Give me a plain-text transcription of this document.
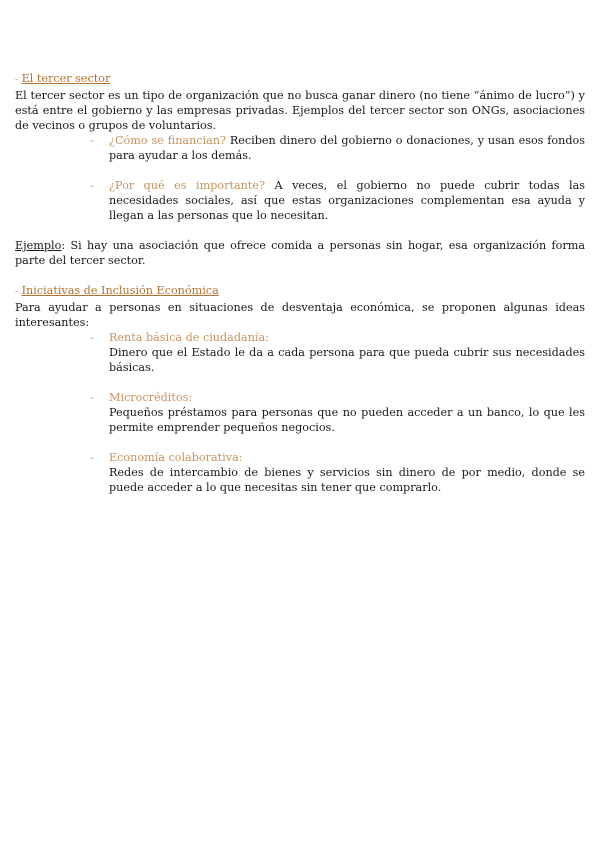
- El tercer sector

El tercer sector es un tipo de organización que no busca ganar dinero (no tiene “ánimo de lucro”) y está entre el gobierno y las empresas privadas. Ejemplos del tercer sector son ONGs, asociaciones de vecinos o grupos de voluntarios.

- ¿Cómo se financian? Reciben dinero del gobierno o donaciones, y usan esos fondos para ayudar a los demás.
- ¿Por qué es importante? A veces, el gobierno no puede cubrir todas las necesidades sociales, así que estas organizaciones complementan esa ayuda y llegan a las personas que lo necesitan.

Ejemplo: Si hay una asociación que ofrece comida a personas sin hogar, esa organización forma parte del tercer sector.

- Iniciativas de Inclusión Económica

Para ayudar a personas en situaciones de desventaja económica, se proponen algunas ideas interesantes:

- Renta básica de ciudadanía:
Dinero que el Estado le da a cada persona para que pueda cubrir sus necesidades básicas.
- Microcréditos:
Pequeños préstamos para personas que no pueden acceder a un banco, lo que les permite emprender pequeños negocios.
- Economía colaborativa:
Redes de intercambio de bienes y servicios sin dinero de por medio, donde se puede acceder a lo que necesitas sin tener que comprarlo.
